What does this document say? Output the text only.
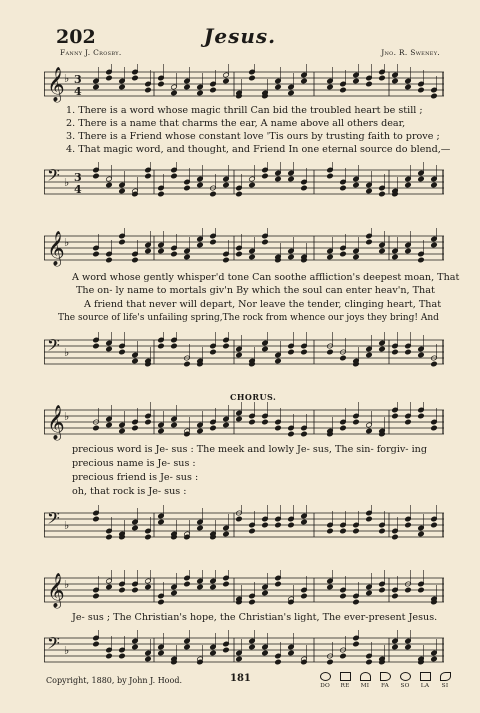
202	Jesus.
Fanny J. Crosby.	Jno. R. Sweney.
𝄞 ♭ 3
4
1. There is a word whose magic thrill Can bid the troubled heart be still ;
2. There is a name that charms the ear, A name above all others dear,
3. There is a Friend whose constant love 'Tis ours by trusting faith to prove ;
4. That magic word, and thought, and Friend In one eternal source do blend,—
𝄢 ♭ 3
4
𝄞 ♭
A word whose gently whisper'd tone Can soothe affliction's deepest moan, That
The on- ly name to mortals giv'n By which the soul can enter heav'n, That
A friend that never will depart, Nor leave the tender, clinging heart, That
The source of life's unfailing spring,The rock from whence our joys they bring! And
𝄢 ♭
CHORUS.
𝄞 ♭
precious word is Je- sus : The meek and lowly Je- sus, The sin- forgiv- ing
precious name is Je- sus :
precious friend is Je- sus :
oh, that rock is Je- sus :
𝄢 ♭
𝄞 ♭
Je- sus ; The Christian's hope, the Christian's light, The ever-present Jesus.
𝄢 ♭
Copyright, 1880, by John J. Hood.	181
DO RE MI FA SO LA SI
